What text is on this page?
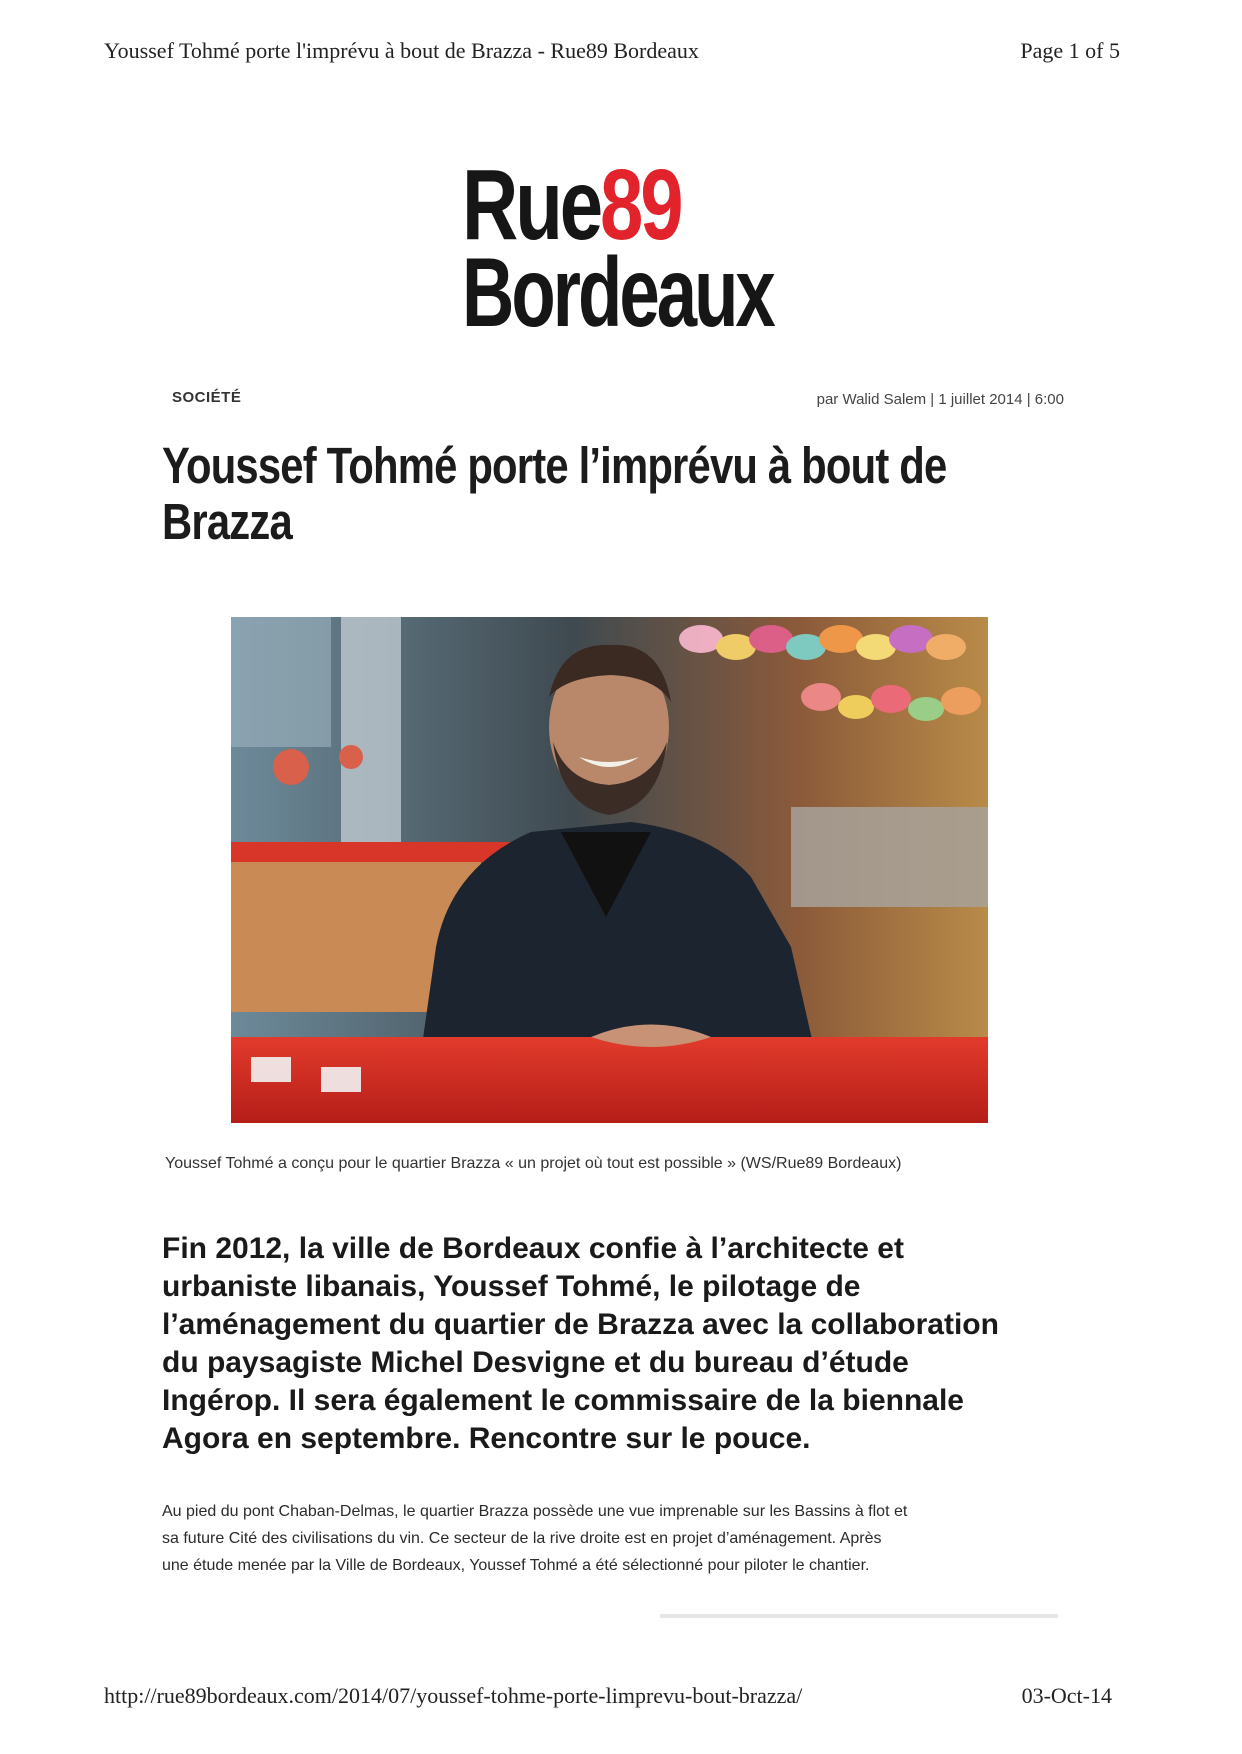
Youssef Tohmé porte l'imprévu à bout de Brazza - Rue89 Bordeaux	Page 1 of 5
Rue89
Bordeaux
SOCIÉTÉ	par Walid Salem | 1 juillet 2014 | 6:00
Youssef Tohmé porte l’imprévu à bout de
Brazza
Youssef Tohmé a conçu pour le quartier Brazza « un projet où tout est possible » (WS/Rue89 Bordeaux)
Fin 2012, la ville de Bordeaux confie à l’architecte et
urbaniste libanais, Youssef Tohmé, le pilotage de
l’aménagement du quartier de Brazza avec la collaboration
du paysagiste Michel Desvigne et du bureau d’étude
Ingérop. Il sera également le commissaire de la biennale
Agora en septembre. Rencontre sur le pouce.
Au pied du pont Chaban-Delmas, le quartier Brazza possède une vue imprenable sur les Bassins à flot et
sa future Cité des civilisations du vin. Ce secteur de la rive droite est en projet d’aménagement. Après
une étude menée par la Ville de Bordeaux, Youssef Tohmé a été sélectionné pour piloter le chantier.
http://rue89bordeaux.com/2014/07/youssef-tohme-porte-limprevu-bout-brazza/	03-Oct-14
